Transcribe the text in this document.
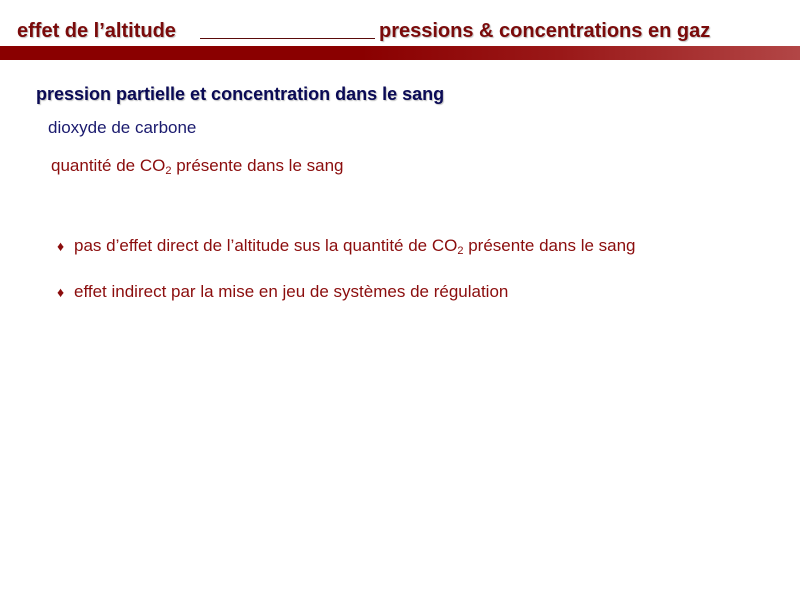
effet de l’altitude	pressions & concentrations en gaz
pression partielle et concentration dans le sang
dioxyde de carbone
quantité de $CO_2$ présente dans le sang
♦ pas d’effet direct de l’altitude sus la quantité de $CO_2$ présente dans le sang
♦ effet indirect par la mise en jeu de systèmes de régulation
